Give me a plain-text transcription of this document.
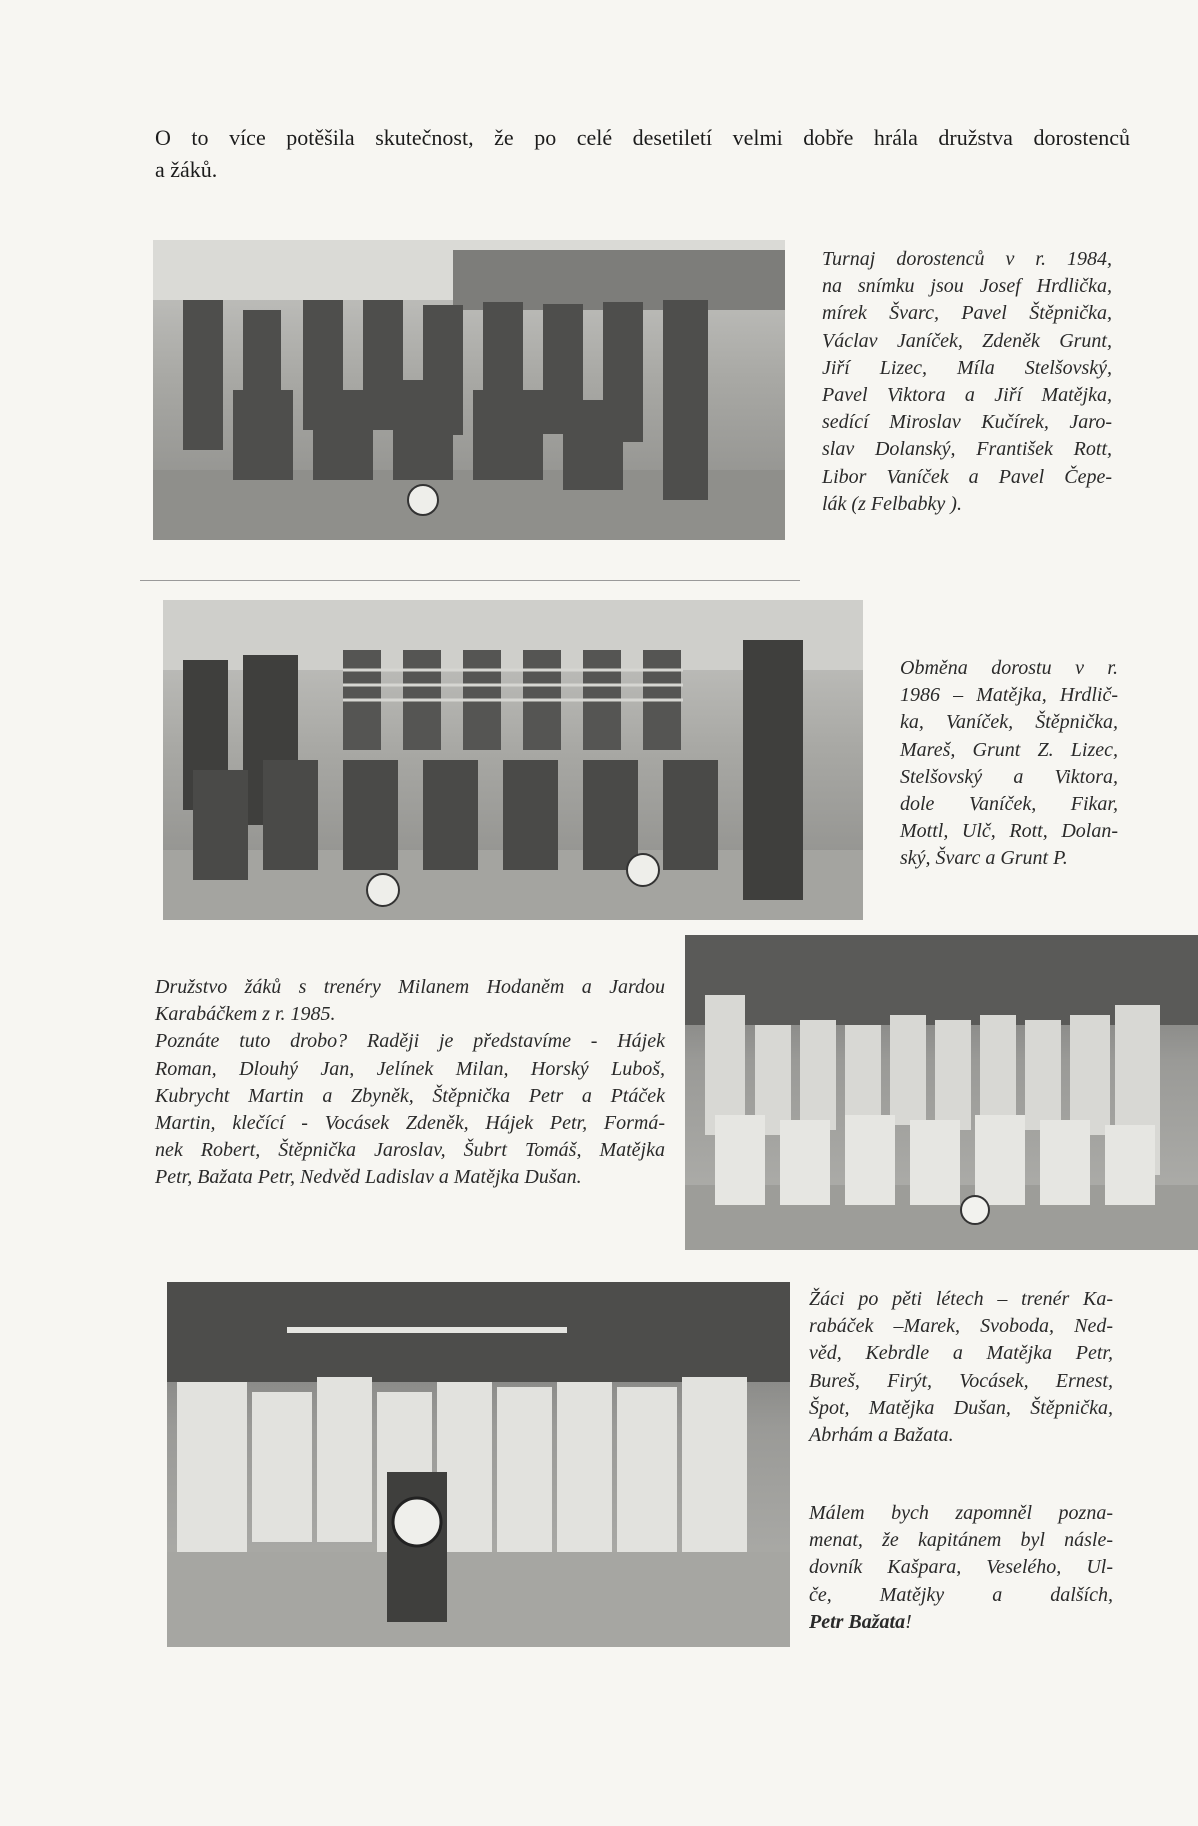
O to více potěšila skutečnost, že po celé desetiletí velmi dobře hrála družstva dorostenců
a žáků.

Turnaj dorostenců v r. 1984,

na snímku jsou Josef Hrdlička,

mírek Švarc, Pavel Štěpnička,

Václav Janíček, Zdeněk Grunt,

Jiří Lizec, Míla Stelšovský,

Pavel Viktora a Jiří Matějka,

sedící Miroslav Kučírek, Jaro-

slav Dolanský, František Rott,

Libor Vaníček a Pavel Čepe-

lák (z Felbabky ).

Obměna dorostu v r.

1986 – Matějka, Hrdlič-

ka, Vaníček, Štěpnička,

Mareš, Grunt Z. Lizec,

Stelšovský a Viktora,

dole Vaníček, Fikar,

Mottl, Ulč, Rott, Dolan-

ský, Švarc a Grunt P.

Družstvo žáků s trenéry Milanem Hodaněm a Jardou

Karabáčkem z r. 1985.

Poznáte tuto drobo? Raději je představíme - Hájek

Roman, Dlouhý Jan, Jelínek Milan, Horský Luboš,

Kubrycht Martin a Zbyněk, Štěpnička Petr a Ptáček

Martin, klečící - Vocásek Zdeněk, Hájek Petr, Formá-

nek Robert, Štěpnička Jaroslav, Šubrt Tomáš, Matějka

Petr, Bažata Petr, Nedvěd Ladislav a Matějka Dušan.

Žáci po pěti létech – trenér Ka-

rabáček –Marek, Svoboda, Ned-

věd, Kebrdle a Matějka Petr,

Bureš, Firýt, Vocásek, Ernest,

Špot, Matějka Dušan, Štěpnička,

Abrhám a Bažata.

Málem bych zapomněl pozna-

menat, že kapitánem byl násle-

dovník Kašpara, Veselého, Ul-

če, Matějky a dalších,

Petr Bažata!
